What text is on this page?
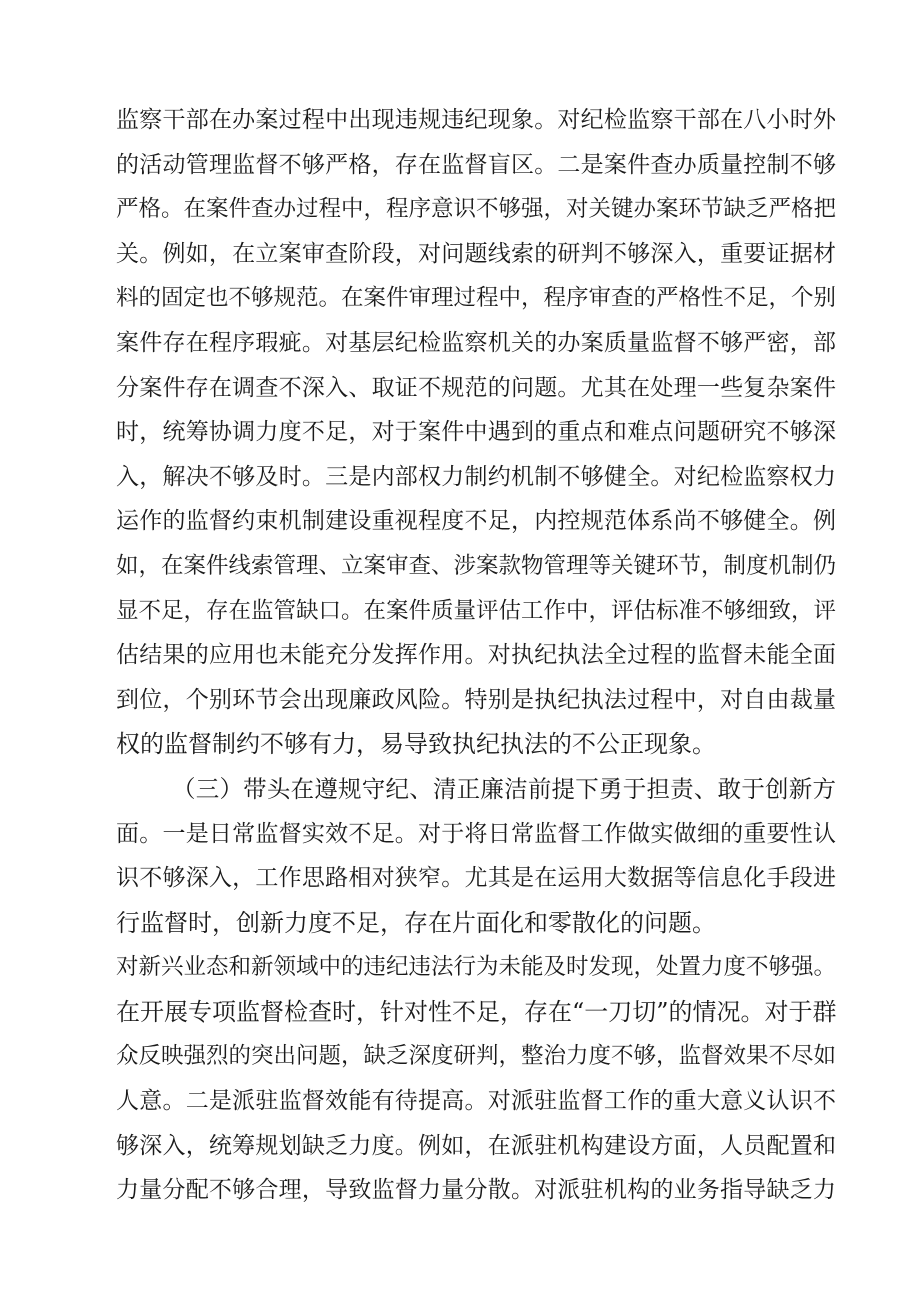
监察干部在办案过程中出现违规违纪现象。对纪检监察干部在八小时外
的活动管理监督不够严格，存在监督盲区。二是案件查办质量控制不够
严格。在案件查办过程中，程序意识不够强，对关键办案环节缺乏严格把
关。例如，在立案审查阶段，对问题线索的研判不够深入，重要证据材
料的固定也不够规范。在案件审理过程中，程序审查的严格性不足，个别
案件存在程序瑕疵。对基层纪检监察机关的办案质量监督不够严密，部
分案件存在调查不深入、取证不规范的问题。尤其在处理一些复杂案件
时，统筹协调力度不足，对于案件中遇到的重点和难点问题研究不够深
入，解决不够及时。三是内部权力制约机制不够健全。对纪检监察权力
运作的监督约束机制建设重视程度不足，内控规范体系尚不够健全。例
如，在案件线索管理、立案审查、涉案款物管理等关键环节，制度机制仍
显不足，存在监管缺口。在案件质量评估工作中，评估标准不够细致，评
估结果的应用也未能充分发挥作用。对执纪执法全过程的监督未能全面
到位，个别环节会出现廉政风险。特别是执纪执法过程中，对自由裁量
权的监督制约不够有力，易导致执纪执法的不公正现象。
（三）带头在遵规守纪、清正廉洁前提下勇于担责、敢于创新方
面。一是日常监督实效不足。对于将日常监督工作做实做细的重要性认
识不够深入，工作思路相对狭窄。尤其是在运用大数据等信息化手段进
行监督时，创新力度不足，存在片面化和零散化的问题。
对新兴业态和新领域中的违纪违法行为未能及时发现，处置力度不够强。
在开展专项监督检查时，针对性不足，存在“一刀切”的情况。对于群
众反映强烈的突出问题，缺乏深度研判，整治力度不够，监督效果不尽如
人意。二是派驻监督效能有待提高。对派驻监督工作的重大意义认识不
够深入，统筹规划缺乏力度。例如，在派驻机构建设方面，人员配置和
力量分配不够合理，导致监督力量分散。对派驻机构的业务指导缺乏力
